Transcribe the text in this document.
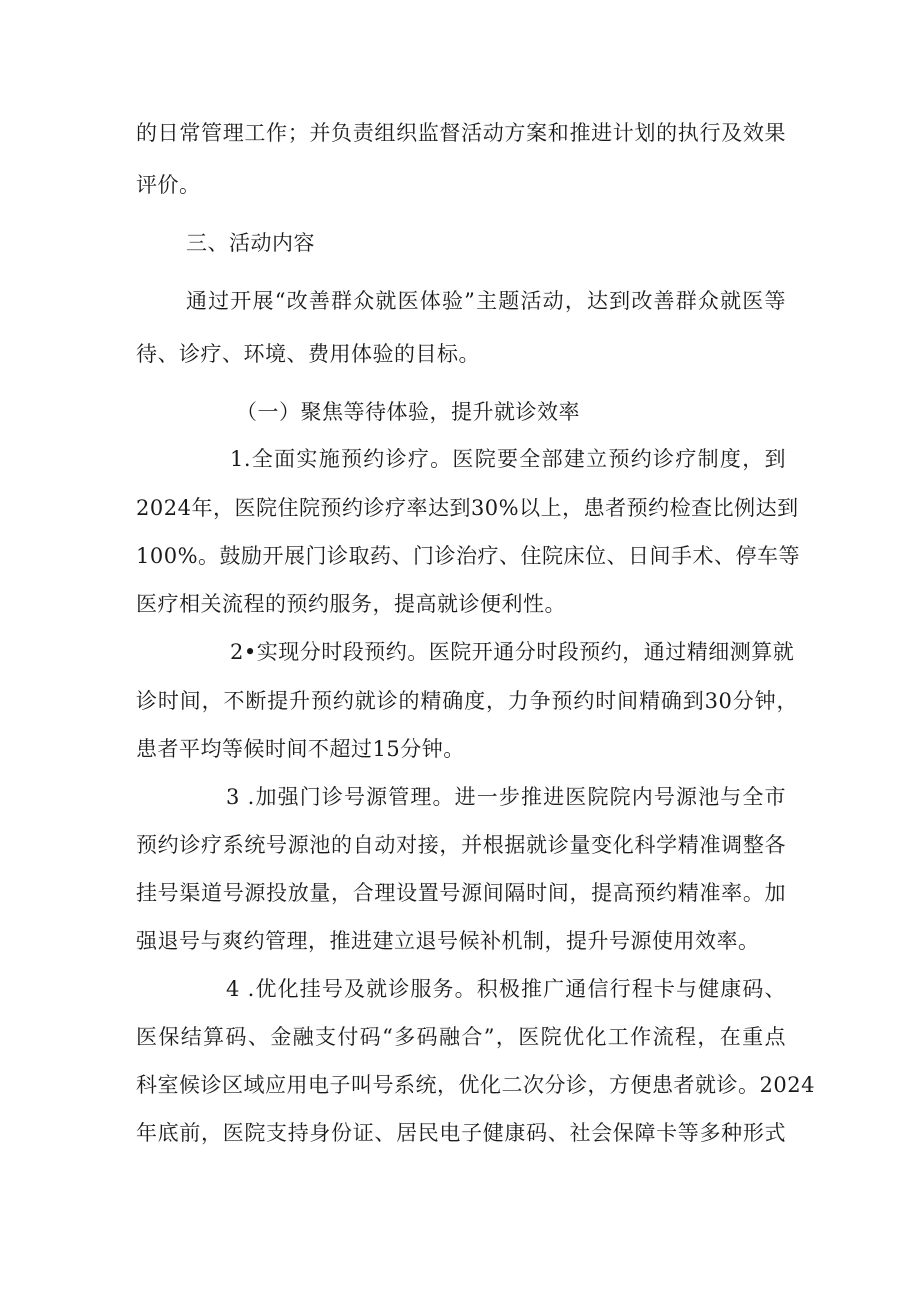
的日常管理工作；并负责组织监督活动方案和推进计划的执行及效果
评价。
三、活动内容
通过开展“改善群众就医体验”主题活动，达到改善群众就医等
待、诊疗、环境、费用体验的目标。
（一）聚焦等待体验，提升就诊效率
1.全面实施预约诊疗。医院要全部建立预约诊疗制度，到
2024年，医院住院预约诊疗率达到30%以上，患者预约检查比例达到
100%。鼓励开展门诊取药、门诊治疗、住院床位、日间手术、停车等
医疗相关流程的预约服务，提高就诊便利性。
2•实现分时段预约。医院开通分时段预约，通过精细测算就
诊时间，不断提升预约就诊的精确度，力争预约时间精确到30分钟，
患者平均等候时间不超过15分钟。
3 .加强门诊号源管理。进一步推进医院院内号源池与全市
预约诊疗系统号源池的自动对接，并根据就诊量变化科学精准调整各
挂号渠道号源投放量，合理设置号源间隔时间，提高预约精准率。加
强退号与爽约管理，推进建立退号候补机制，提升号源使用效率。
4 .优化挂号及就诊服务。积极推广通信行程卡与健康码、
医保结算码、金融支付码“多码融合”，医院优化工作流程，在重点
科室候诊区域应用电子叫号系统，优化二次分诊，方便患者就诊。2024
年底前，医院支持身份证、居民电子健康码、社会保障卡等多种形式
